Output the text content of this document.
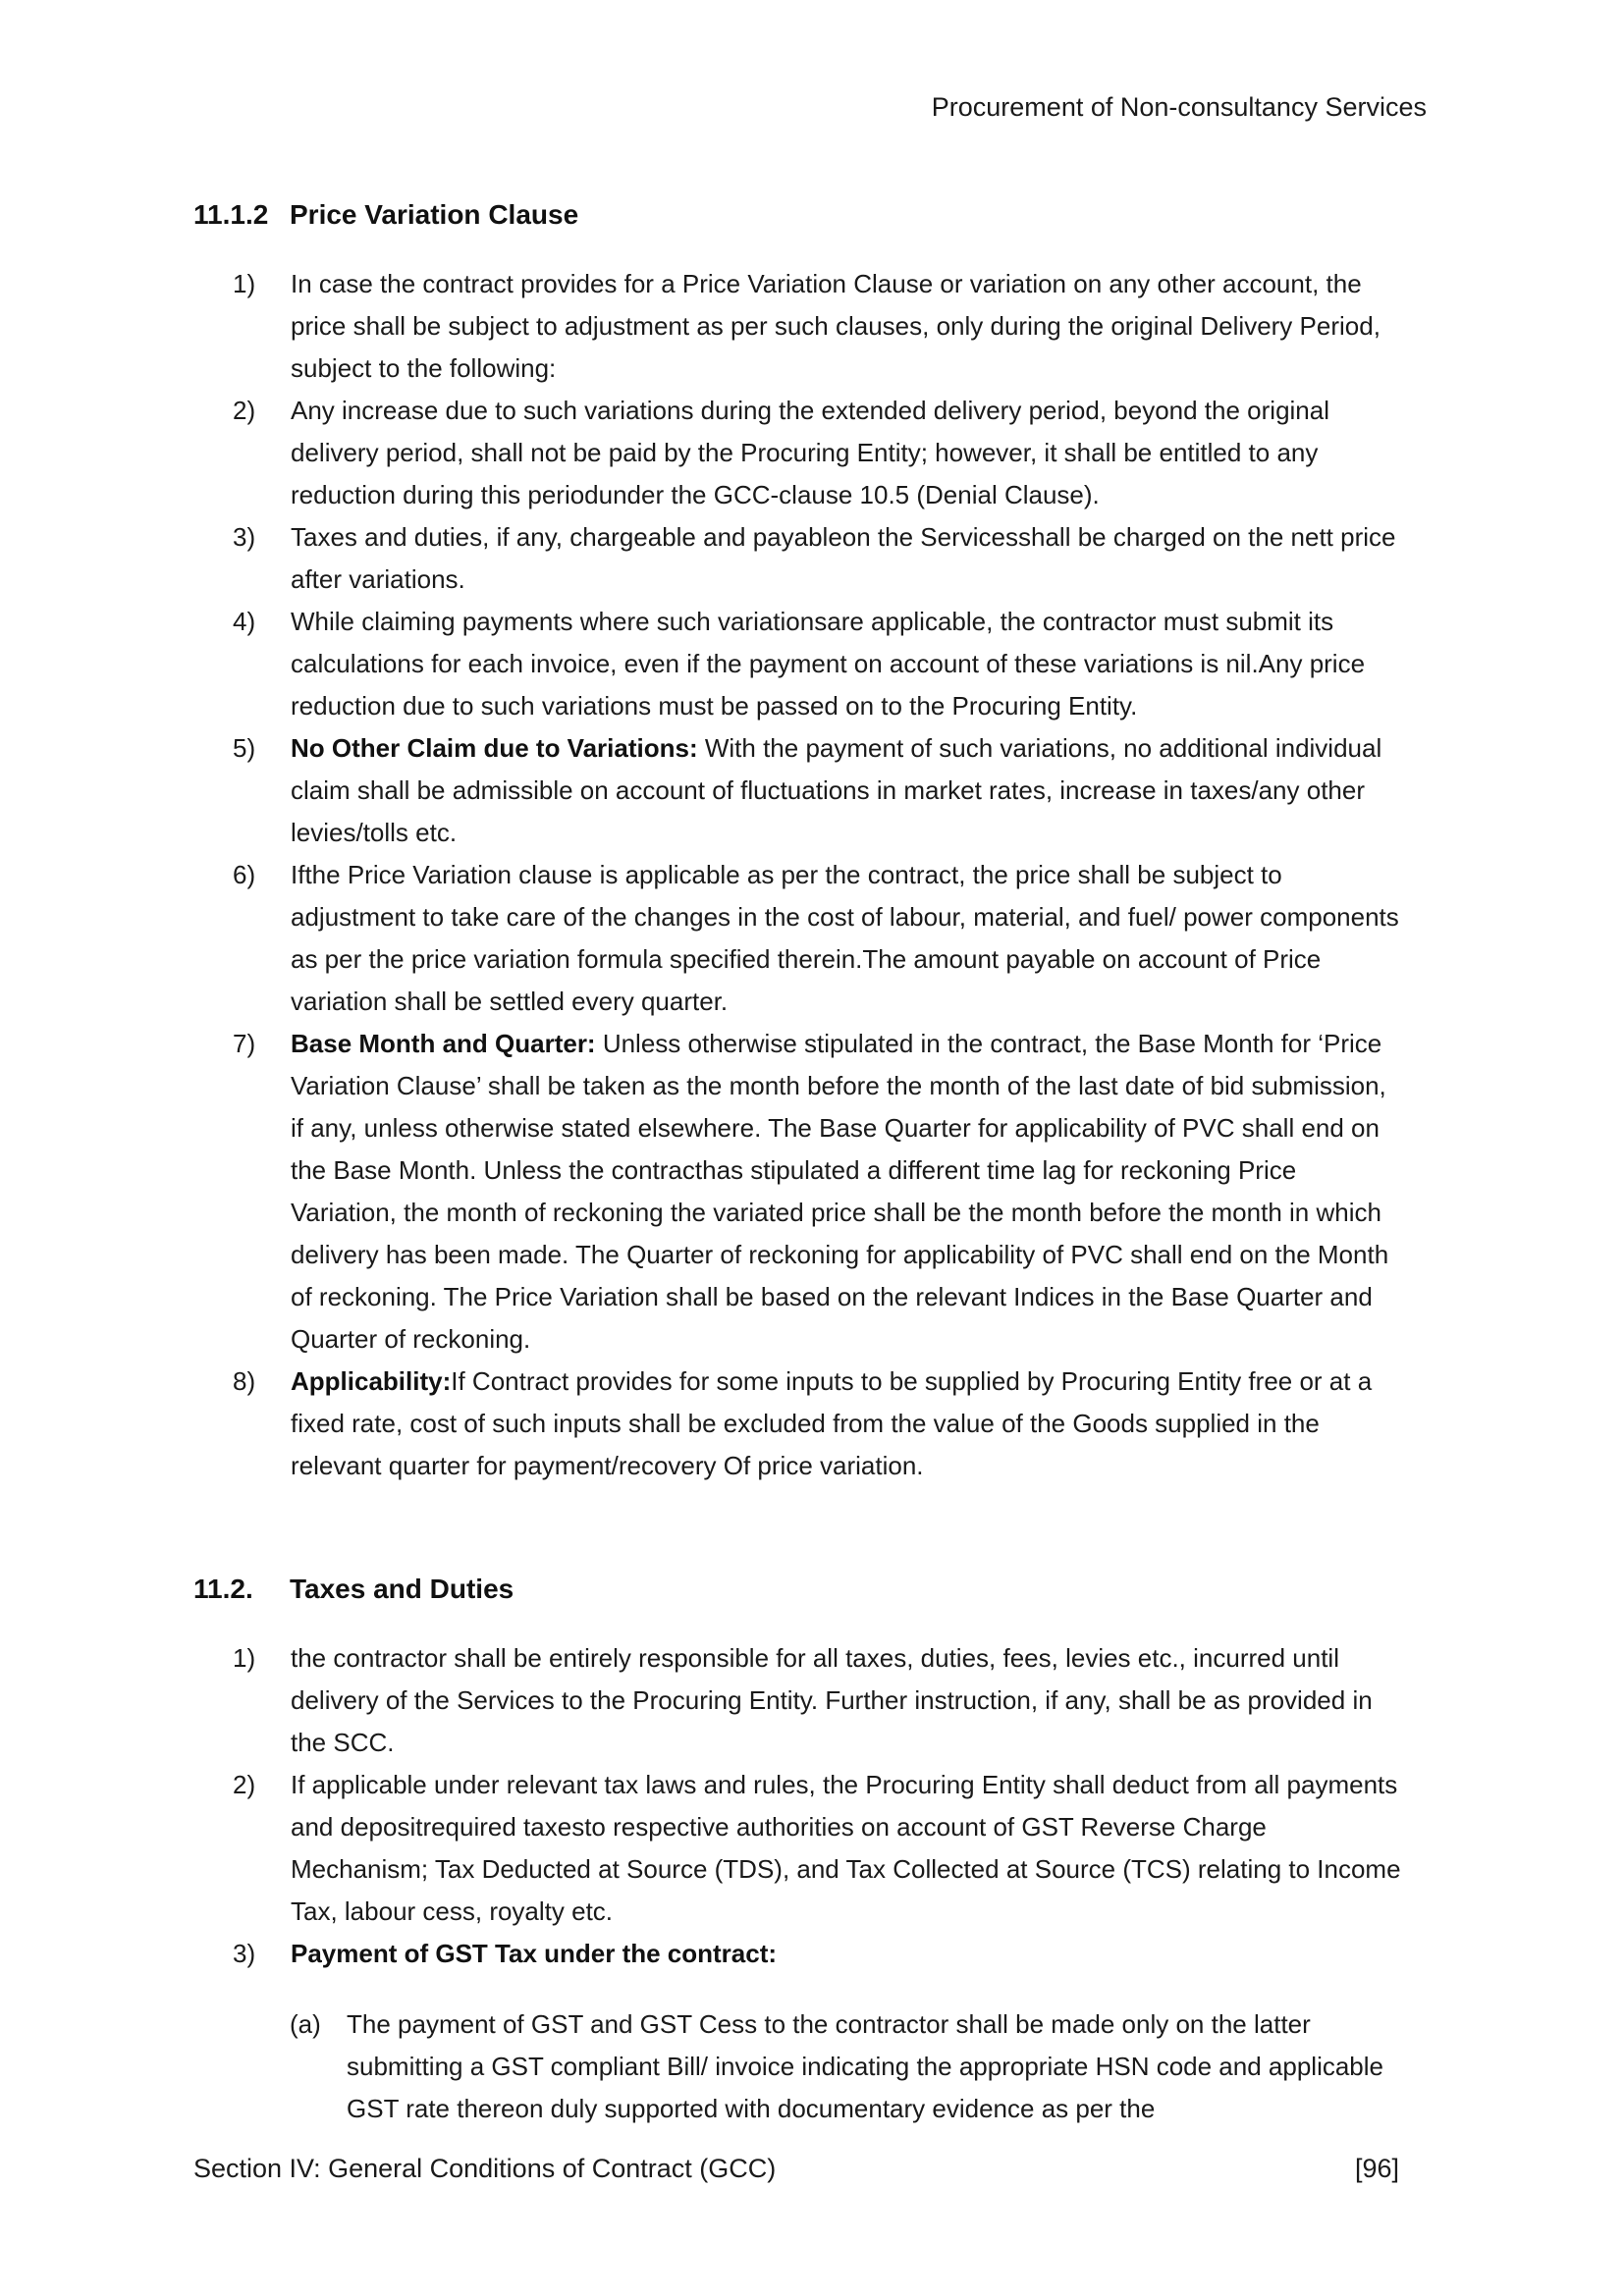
Procurement of Non-consultancy Services
11.1.2 Price Variation Clause
1)	In case the contract provides for a Price Variation Clause or variation on any other account, the price shall be subject to adjustment as per such clauses, only during the original Delivery Period, subject to the following:
2)	Any increase due to such variations during the extended delivery period, beyond the original delivery period, shall not be paid by the Procuring Entity; however, it shall be entitled to any reduction during this periodunder the GCC-clause 10.5 (Denial Clause).
3)	Taxes and duties, if any, chargeable and payableon the Servicesshall be charged on the nett price after variations.
4)	While claiming payments where such variationsare applicable, the contractor must submit its calculations for each invoice, even if the payment on account of these variations is nil.Any price reduction due to such variations must be passed on to the Procuring Entity.
5)	No Other Claim due to Variations: With the payment of such variations, no additional individual claim shall be admissible on account of fluctuations in market rates, increase in taxes/any other levies/tolls etc.
6)	Ifthe Price Variation clause is applicable as per the contract, the price shall be subject to adjustment to take care of the changes in the cost of labour, material, and fuel/ power components as per the price variation formula specified therein.The amount payable on account of Price variation shall be settled every quarter.
7)	Base Month and Quarter: Unless otherwise stipulated in the contract, the Base Month for ‘Price Variation Clause’ shall be taken as the month before the month of the last date of bid submission, if any, unless otherwise stated elsewhere. The Base Quarter for applicability of PVC shall end on the Base Month. Unless the contracthas stipulated a different time lag for reckoning Price Variation, the month of reckoning the variated price shall be the month before the month in which delivery has been made. The Quarter of reckoning for applicability of PVC shall end on the Month of reckoning. The Price Variation shall be based on the relevant Indices in the Base Quarter and Quarter of reckoning.
8)	Applicability:If Contract provides for some inputs to be supplied by Procuring Entity free or at a fixed rate, cost of such inputs shall be excluded from the value of the Goods supplied in the relevant quarter for payment/recovery Of price variation.
11.2.	Taxes and Duties
1)	the contractor shall be entirely responsible for all taxes, duties, fees, levies etc., incurred until delivery of the Services to the Procuring Entity. Further instruction, if any, shall be as provided in the SCC.
2)	If applicable under relevant tax laws and rules, the Procuring Entity shall deduct from all payments and depositrequired taxesto respective authorities on account of GST Reverse Charge Mechanism; Tax Deducted at Source (TDS), and Tax Collected at Source (TCS) relating to Income Tax, labour cess, royalty etc.
3)	Payment of GST Tax under the contract:
(a)	The payment of GST and GST Cess to the contractor shall be made only on the latter submitting a GST compliant Bill/ invoice indicating the appropriate HSN code and applicable GST rate thereon duly supported with documentary evidence as per the
Section IV: General Conditions of Contract (GCC)	[96]
